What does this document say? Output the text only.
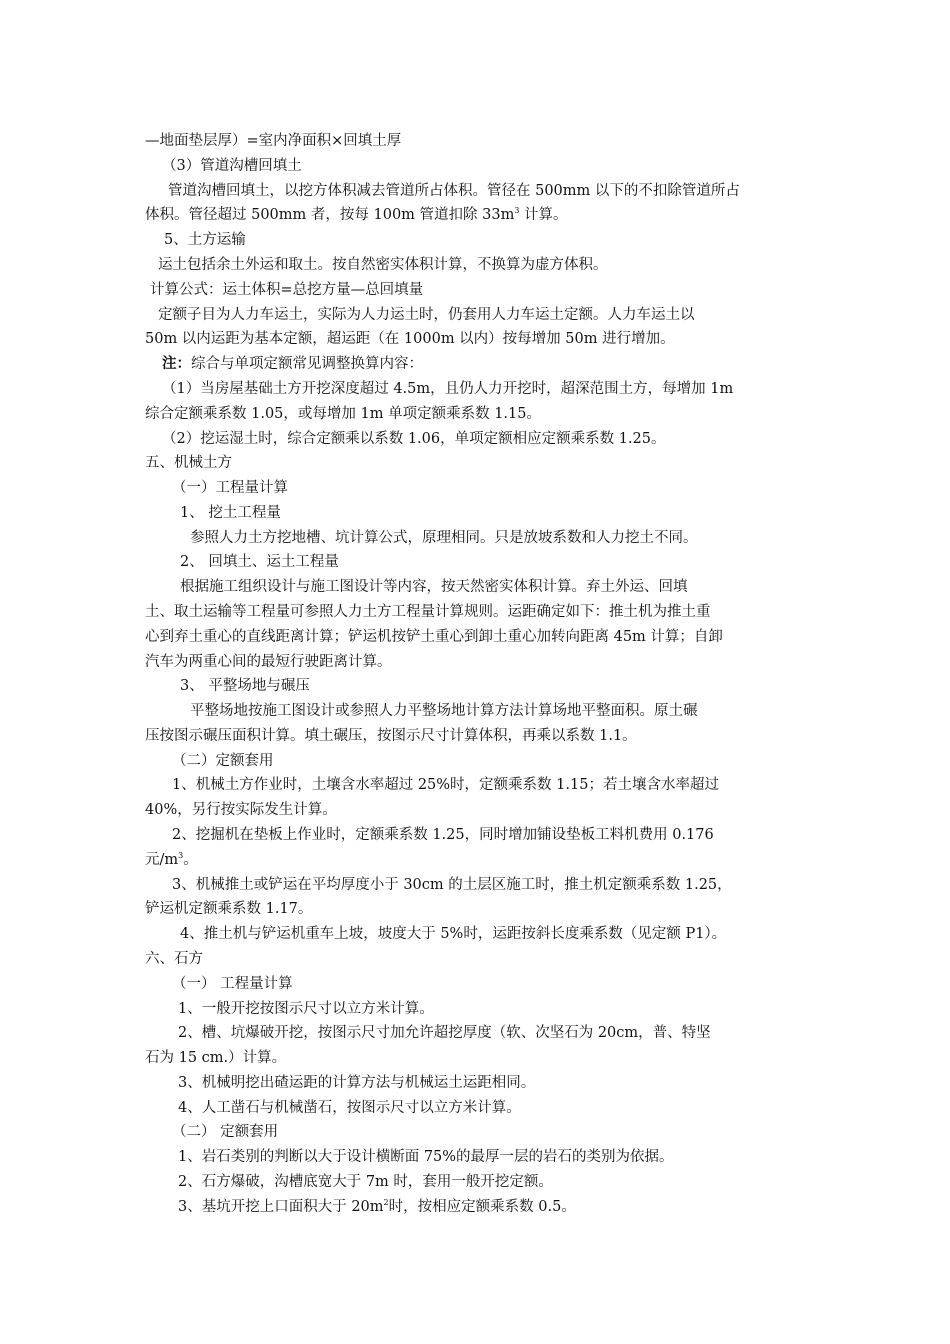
—地面垫层厚）=室内净面积×回填土厚
（3）管道沟槽回填土
管道沟槽回填土，以挖方体积减去管道所占体积。管径在 500mm 以下的不扣除管道所占
体积。管径超过 500mm 者，按每 100m 管道扣除 $33m^3$ 计算。
5、土方运输
运土包括余土外运和取土。按自然密实体积计算，不换算为虚方体积。
计算公式：运土体积=总挖方量—总回填量
定额子目为人力车运土，实际为人力运土时，仍套用人力车运土定额。人力车运土以
50m 以内运距为基本定额，超运距（在 1000m 以内）按每增加 50m 进行增加。
注：综合与单项定额常见调整换算内容：
（1）当房屋基础土方开挖深度超过 4.5m，且仍人力开挖时，超深范围土方，每增加 1m
综合定额乘系数 1.05，或每增加 1m 单项定额乘系数 1.15。
（2）挖运湿土时，综合定额乘以系数 1.06，单项定额相应定额乘系数 1.25。
五、机械土方
（一）工程量计算
1、 挖土工程量
参照人力土方挖地槽、坑计算公式，原理相同。只是放坡系数和人力挖土不同。
2、 回填土、运土工程量
根据施工组织设计与施工图设计等内容，按天然密实体积计算。弃土外运、回填
土、取土运输等工程量可参照人力土方工程量计算规则。运距确定如下：推土机为推土重
心到弃土重心的直线距离计算；铲运机按铲土重心到卸土重心加转向距离 45m 计算；自卸
汽车为两重心间的最短行驶距离计算。
3、 平整场地与碾压
平整场地按施工图设计或参照人力平整场地计算方法计算场地平整面积。原土碾
压按图示碾压面积计算。填土碾压，按图示尺寸计算体积，再乘以系数 1.1。
（二）定额套用
1、机械土方作业时，土壤含水率超过 25%时，定额乘系数 1.15；若土壤含水率超过
40%，另行按实际发生计算。
2、挖掘机在垫板上作业时，定额乘系数 1.25，同时增加铺设垫板工料机费用 0.176
元$/m^3$。
3、机械推土或铲运在平均厚度小于 30cm 的土层区施工时，推土机定额乘系数 1.25，
铲运机定额乘系数 1.17。
4、推土机与铲运机重车上坡，坡度大于 5%时，运距按斜长度乘系数（见定额 P1）。
六、石方
（一） 工程量计算
1、一般开挖按图示尺寸以立方米计算。
2、槽、坑爆破开挖，按图示尺寸加允许超挖厚度（软、次坚石为 20cm，普、特坚
石为 15 cm.）计算。
3、机械明挖出碴运距的计算方法与机械运土运距相同。
4、人工凿石与机械凿石，按图示尺寸以立方米计算。
（二） 定额套用
1、岩石类别的判断以大于设计横断面 75%的最厚一层的岩石的类别为依据。
2、石方爆破，沟槽底宽大于 7m 时，套用一般开挖定额。
3、基坑开挖上口面积大于 $20m^2$时，按相应定额乘系数 0.5。
